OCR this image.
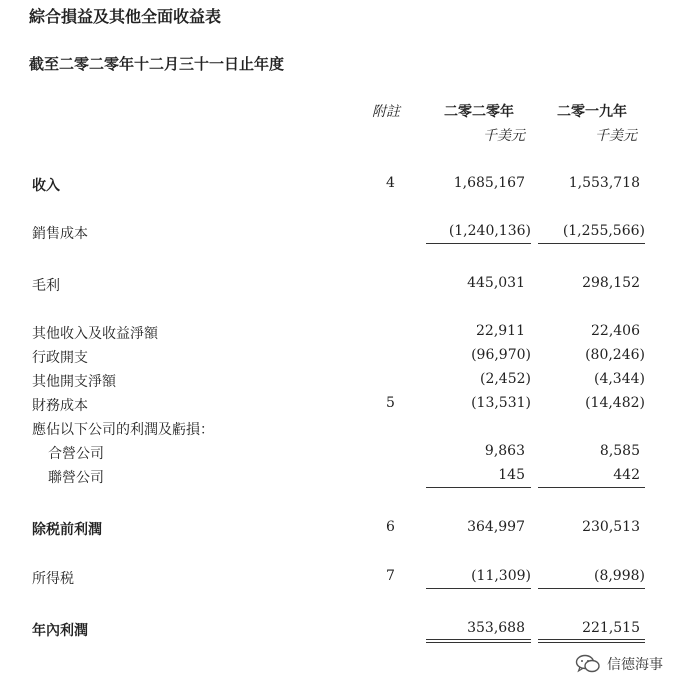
綜合損益及其他全面收益表
截至二零二零年十二月三十一日止年度
附註	二零二零年	二零一九年
千美元	千美元
收入	4	1,685,167	1,553,718
銷售成本	(1,240,136) (1,255,566)
毛利	445,031	298,152
其他收入及收益淨額	22,911	22,406
行政開支	(96,970)	(80,246)
其他開支淨額	(2,452)	(4,344)
財務成本	5	(13,531)	(14,482)
應佔以下公司的利潤及虧損：
合營公司	9,863	8,585
聯營公司	145	442
除税前利潤	6	364,997	230,513
所得税	7	(11,309)	(8,998)
年內利潤	353,688	221,515
信德海事
